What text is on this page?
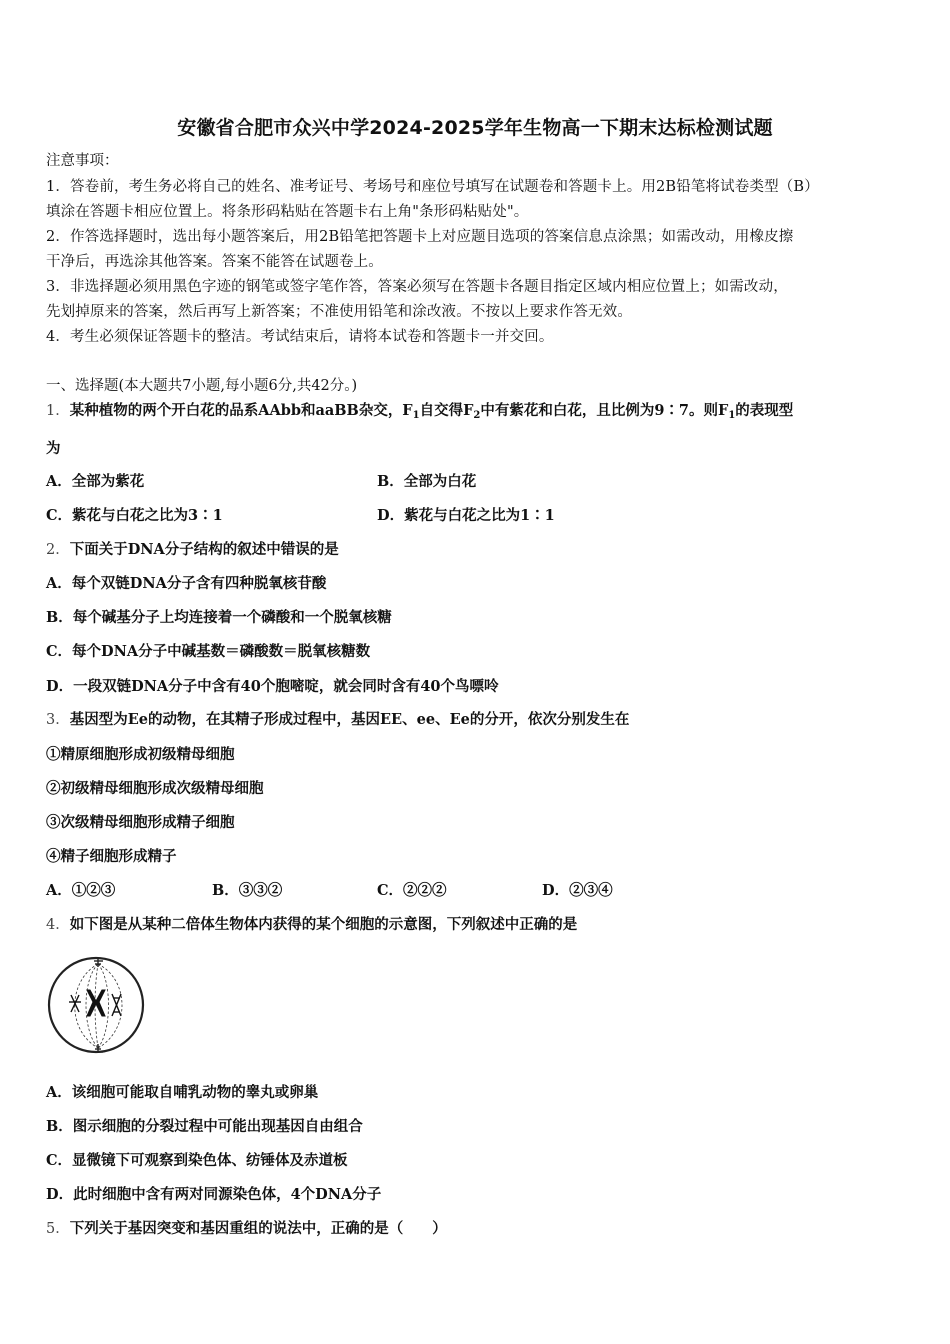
安徽省合肥市众兴中学2024-2025学年生物高一下期末达标检测试题
注意事项：
1．答卷前，考生务必将自己的姓名、准考证号、考场号和座位号填写在试题卷和答题卡上。用2B铅笔将试卷类型（B）
填涂在答题卡相应位置上。将条形码粘贴在答题卡右上角"条形码粘贴处"。
2．作答选择题时，选出每小题答案后，用2B铅笔把答题卡上对应题目选项的答案信息点涂黑；如需改动，用橡皮擦
干净后，再选涂其他答案。答案不能答在试题卷上。
3．非选择题必须用黑色字迹的钢笔或签字笔作答，答案必须写在答题卡各题目指定区域内相应位置上；如需改动，
先划掉原来的答案，然后再写上新答案；不准使用铅笔和涂改液。不按以上要求作答无效。
4．考生必须保证答题卡的整洁。考试结束后，请将本试卷和答题卡一并交回。
一、选择题(本大题共7小题,每小题6分,共42分。)
1．某种植物的两个开白花的品系AAbb和aaBB杂交，$F_1$自交得$F_2$中有紫花和白花，且比例为9∶7。则$F_1$的表现型
为
A．全部为紫花	B．全部为白花
C．紫花与白花之比为3∶1	D．紫花与白花之比为1∶1
2．下面关于DNA分子结构的叙述中错误的是
A．每个双链DNA分子含有四种脱氧核苷酸
B．每个碱基分子上均连接着一个磷酸和一个脱氧核糖
C．每个DNA分子中碱基数＝磷酸数＝脱氧核糖数
D．一段双链DNA分子中含有40个胞嘧啶，就会同时含有40个鸟嘌呤
3．基因型为Ee的动物，在其精子形成过程中，基因EE、ee、Ee的分开，依次分别发生在
①精原细胞形成初级精母细胞
②初级精母细胞形成次级精母细胞
③次级精母细胞形成精子细胞
④精子细胞形成精子
A．①②③	B．③③②	C．②②②	D．②③④
4．如下图是从某种二倍体生物体内获得的某个细胞的示意图，下列叙述中正确的是
A．该细胞可能取自哺乳动物的睾丸或卵巢
B．图示细胞的分裂过程中可能出现基因自由组合
C．显微镜下可观察到染色体、纺锤体及赤道板
D．此时细胞中含有两对同源染色体，4个DNA分子
5．下列关于基因突变和基因重组的说法中，正确的是（　　）
